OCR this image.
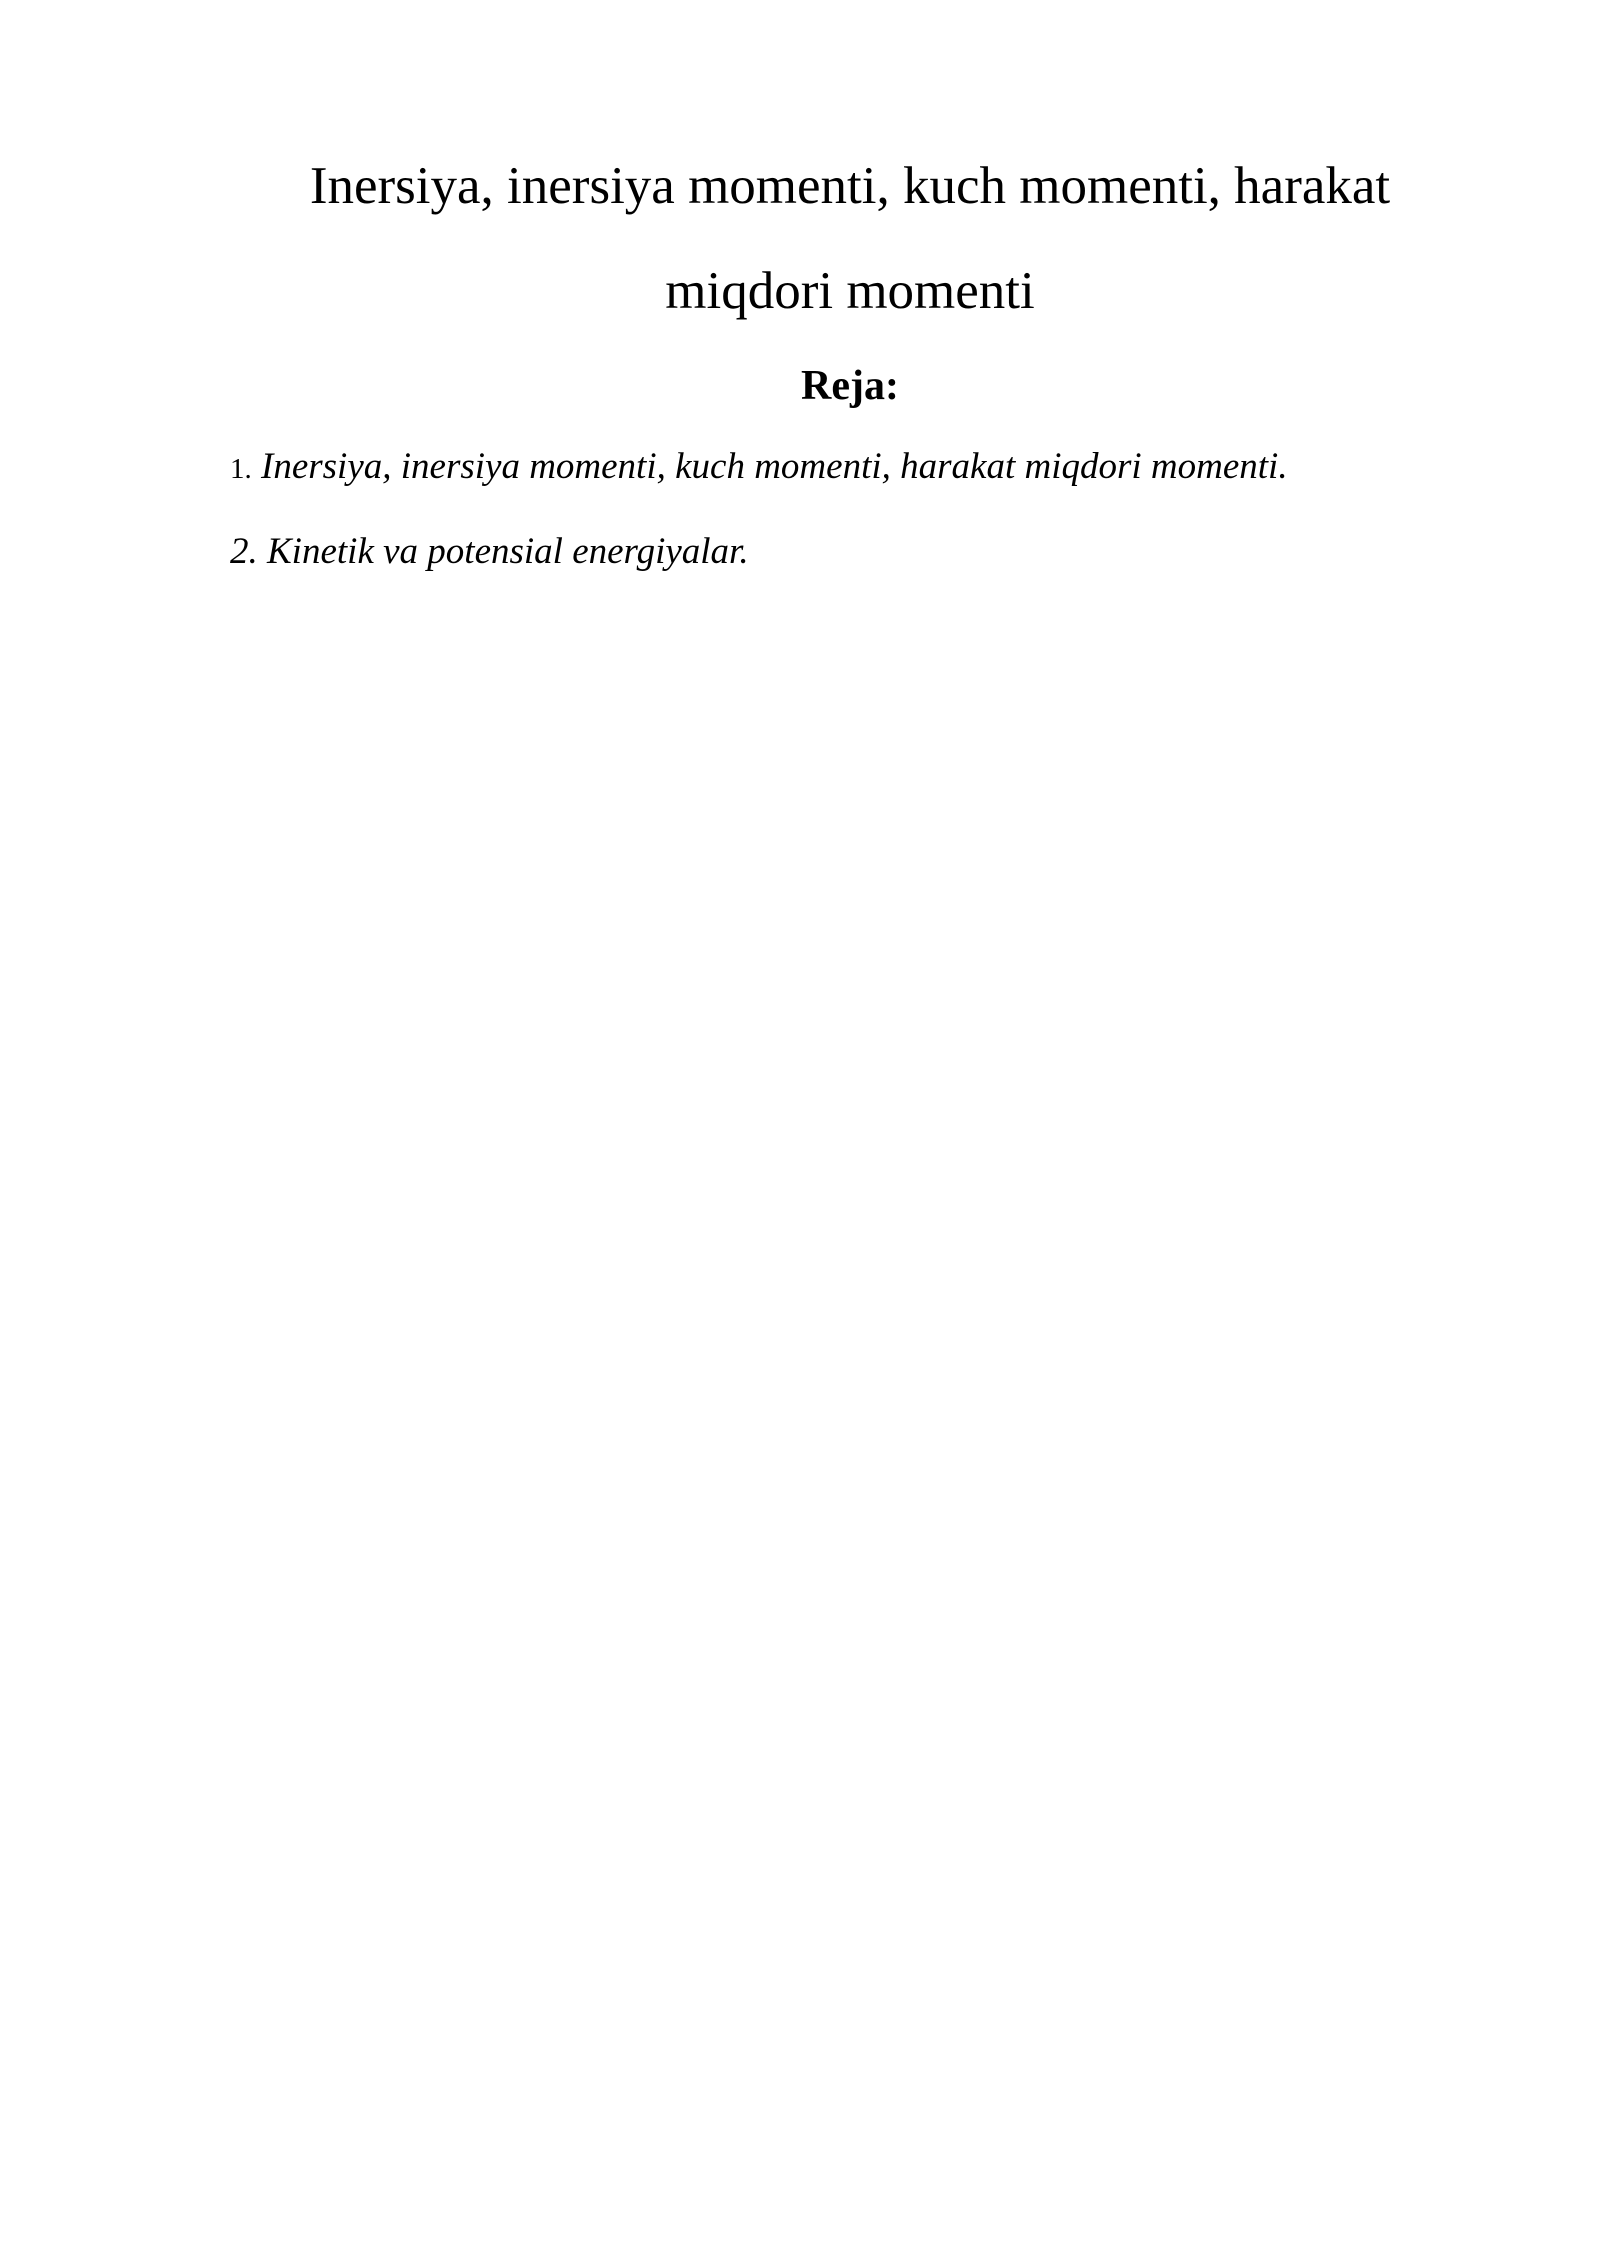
Inersiya, inersiya momenti, kuch momenti, harakat
miqdori momenti
Reja:
1. Inersiya, inersiya momenti, kuch momenti, harakat miqdori momenti.
2. Kinetik va potensial energiyalar.
